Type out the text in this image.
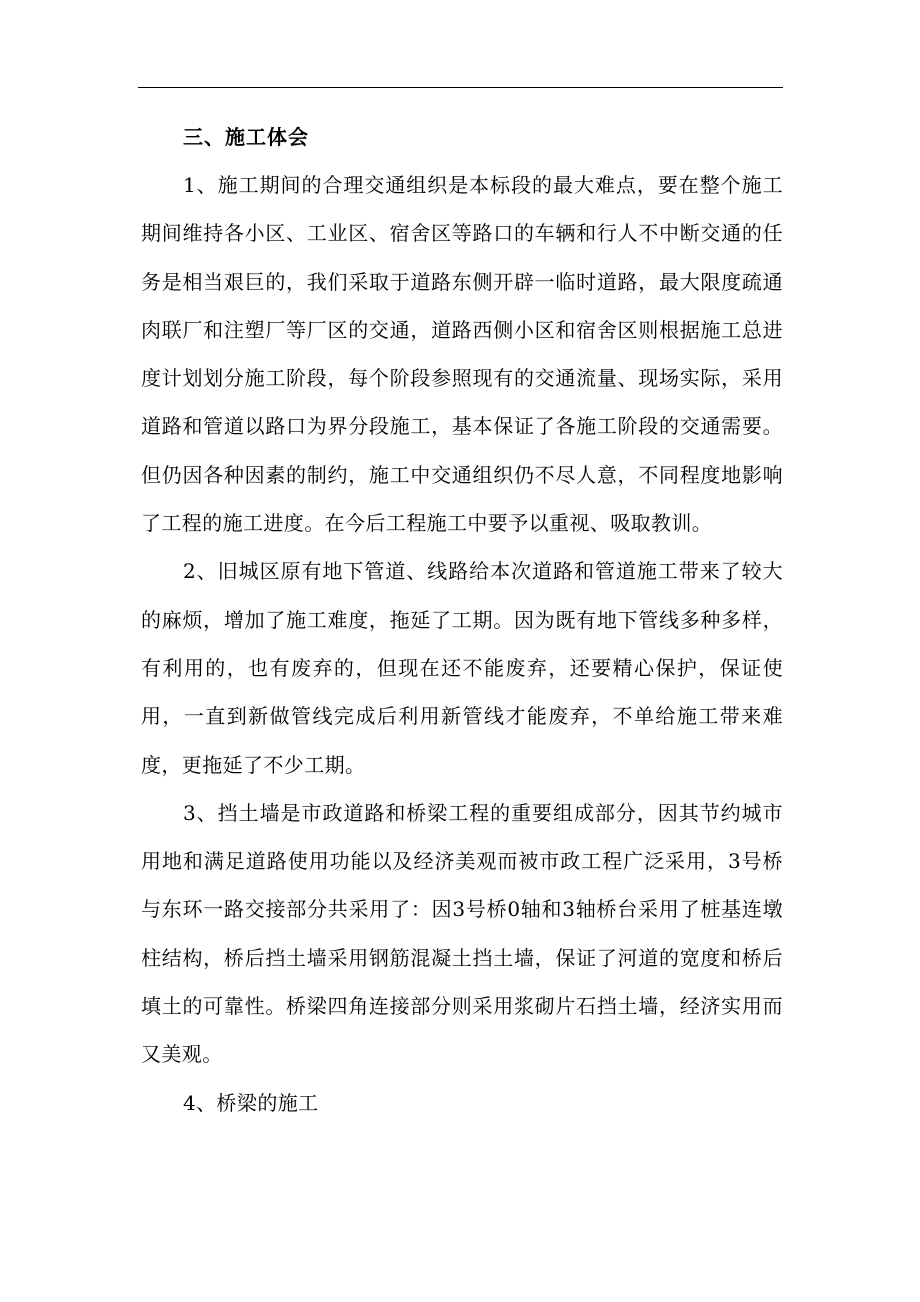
三、施工体会

1、施工期间的合理交通组织是本标段的最大难点，要在整个施工期间维持各小区、工业区、宿舍区等路口的车辆和行人不中断交通的任务是相当艰巨的，我们采取于道路东侧开辟一临时道路，最大限度疏通肉联厂和注塑厂等厂区的交通，道路西侧小区和宿舍区则根据施工总进度计划划分施工阶段，每个阶段参照现有的交通流量、现场实际，采用道路和管道以路口为界分段施工，基本保证了各施工阶段的交通需要。但仍因各种因素的制约，施工中交通组织仍不尽人意，不同程度地影响了工程的施工进度。在今后工程施工中要予以重视、吸取教训。

2、旧城区原有地下管道、线路给本次道路和管道施工带来了较大的麻烦，增加了施工难度，拖延了工期。因为既有地下管线多种多样，有利用的，也有废弃的，但现在还不能废弃，还要精心保护，保证使用，一直到新做管线完成后利用新管线才能废弃，不单给施工带来难度，更拖延了不少工期。

3、挡土墙是市政道路和桥梁工程的重要组成部分，因其节约城市用地和满足道路使用功能以及经济美观而被市政工程广泛采用，3号桥与东环一路交接部分共采用了：因3号桥0轴和3轴桥台采用了桩基连墩柱结构，桥后挡土墙采用钢筋混凝土挡土墙，保证了河道的宽度和桥后填土的可靠性。桥梁四角连接部分则采用浆砌片石挡土墙，经济实用而又美观。

4、桥梁的施工
